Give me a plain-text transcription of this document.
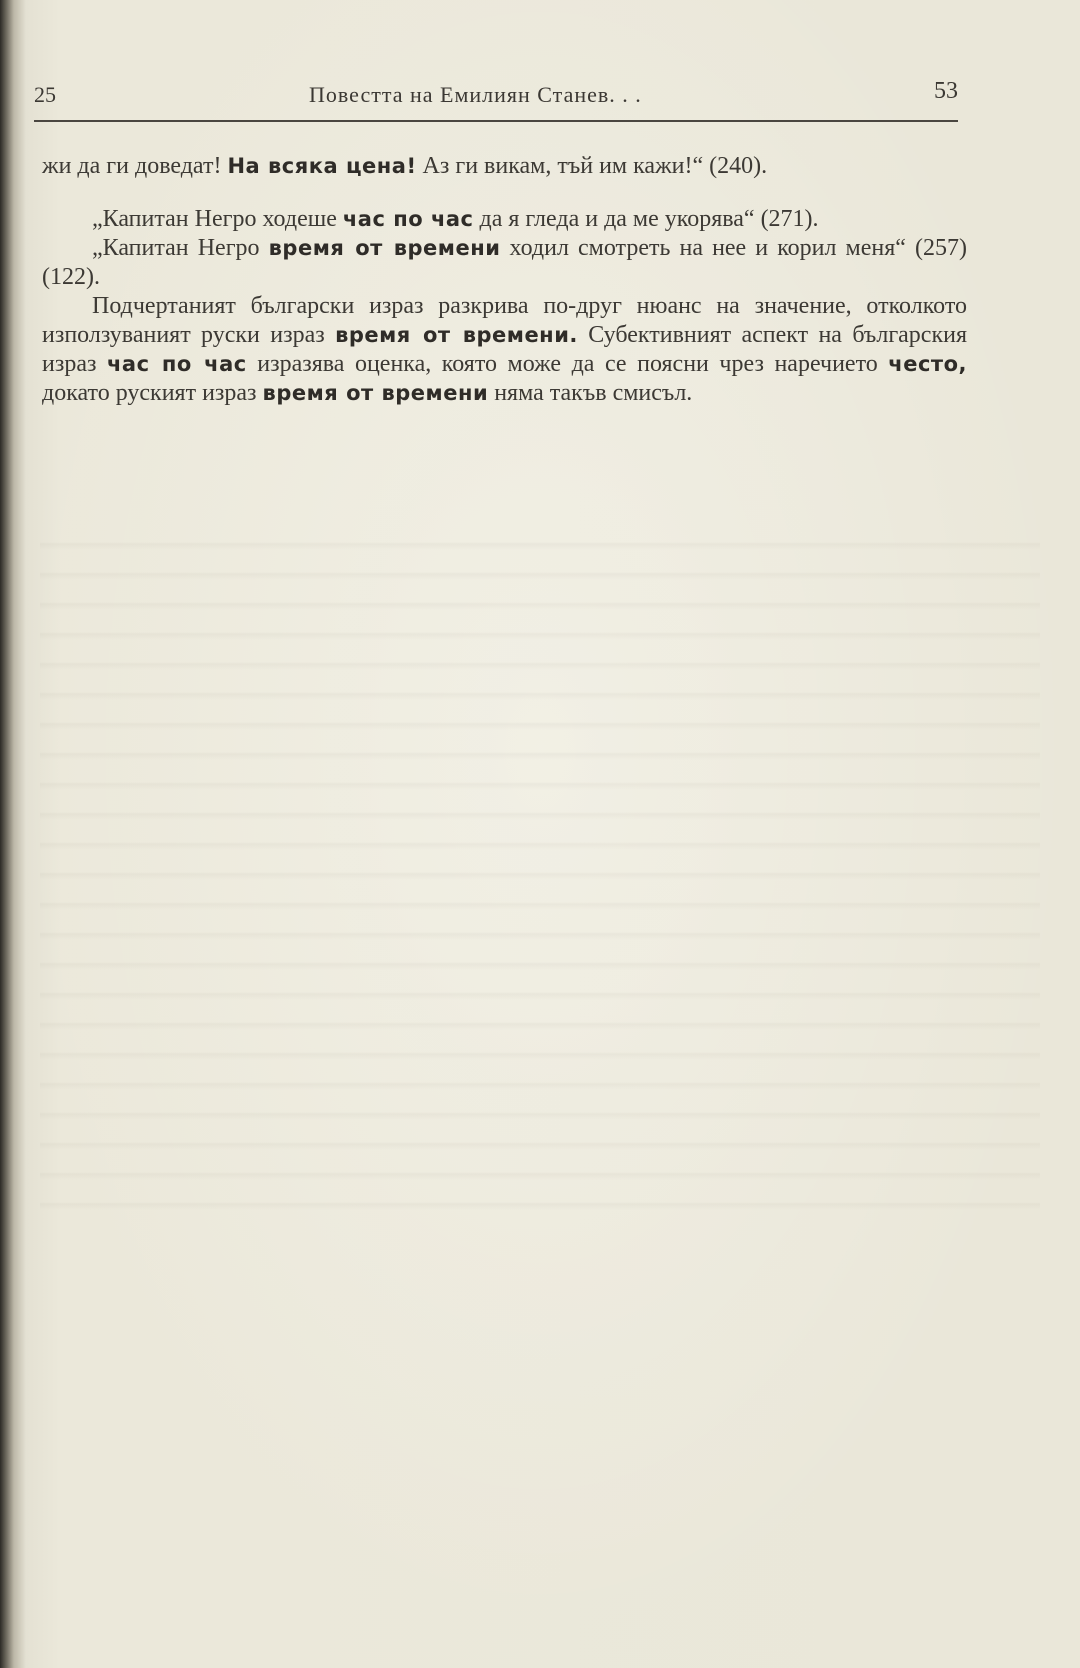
25	Повестта на Емилиян Станев. . .	53

жи да ги доведат! На всяка цена! Аз ги викам, тъй им кажи!“ (240).

„Капитан Негро ходеше час по час да я гледа и да ме укорява“ (271).

„Капитан Негро время от времени ходил смотреть на нее и корил меня“ (257) (122).

Подчертаният български израз разкрива по-друг нюанс на значение, отколкото използуваният руски израз время от времени. Субективният аспект на българския израз час по час изразява оценка, която може да се поясни чрез наречието често, докато руският израз время от времени няма такъв смисъл.
